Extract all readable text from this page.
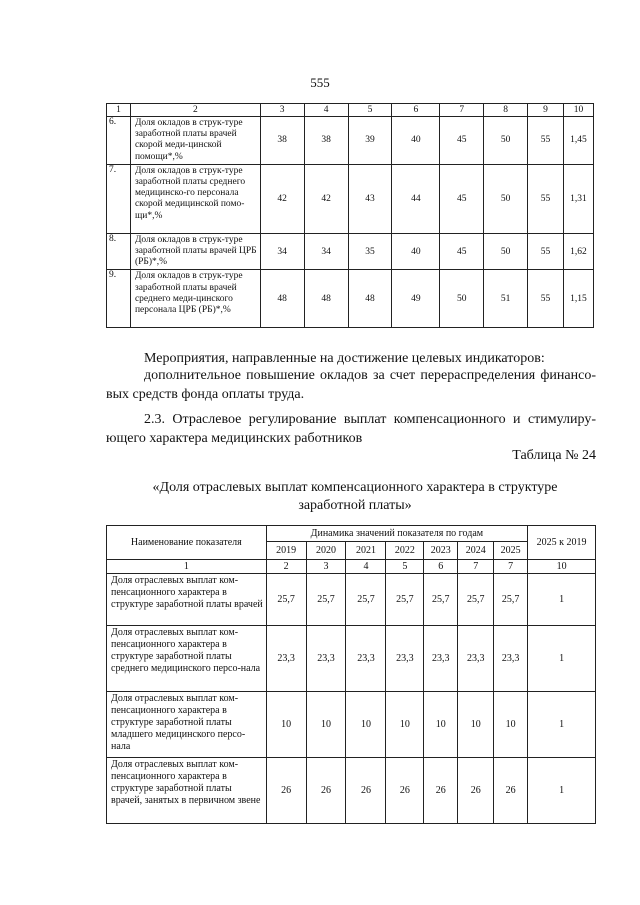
555
1	2	3	4	5	6	7	8	9	10
6.	Доля окладов в струк-туре заработной платы врачей скорой меди-цинской помощи*,%	38	38	39	40	45	50	55	1,45
7.	Доля окладов в струк-туре заработной платы среднего медицинско-го персонала скорой медицинской помо-щи*,%	42	42	43	44	45	50	55	1,31
8.	Доля окладов в струк-туре заработной платы врачей ЦРБ (РБ)*,%	34	34	35	40	45	50	55	1,62
9.	Доля окладов в струк-туре заработной платы врачей среднего меди-цинского персонала ЦРБ (РБ)*,%	48	48	48	49	50	51	55	1,15
Мероприятия, направленные на достижение целевых индикаторов:
дополнительное повышение окладов за счет перераспределения финансо-вых средств фонда оплаты труда.
2.3. Отраслевое регулирование выплат компенсационного и стимулиру-ющего характера медицинских работников
Таблица № 24
«Доля отраслевых выплат компенсационного характера в структуре заработной платы»
Наименование показателя	Динамика значений показателя по годам							2025 к 2019
	2019	2020	2021	2022	2023	2024	2025	
1	2	3	4	5	6	7	7	10
Доля отраслевых выплат ком-пенсационного характера в структуре заработной платы врачей	25,7	25,7	25,7	25,7	25,7	25,7	25,7	1
Доля отраслевых выплат ком-пенсационного характера в структуре заработной платы среднего медицинского персо-нала	23,3	23,3	23,3	23,3	23,3	23,3	23,3	1
Доля отраслевых выплат ком-пенсационного характера в структуре заработной платы младшего медицинского персо-нала	10	10	10	10	10	10	10	1
Доля отраслевых выплат ком-пенсационного характера в структуре заработной платы врачей, занятых в первичном звене	26	26	26	26	26	26	26	1
